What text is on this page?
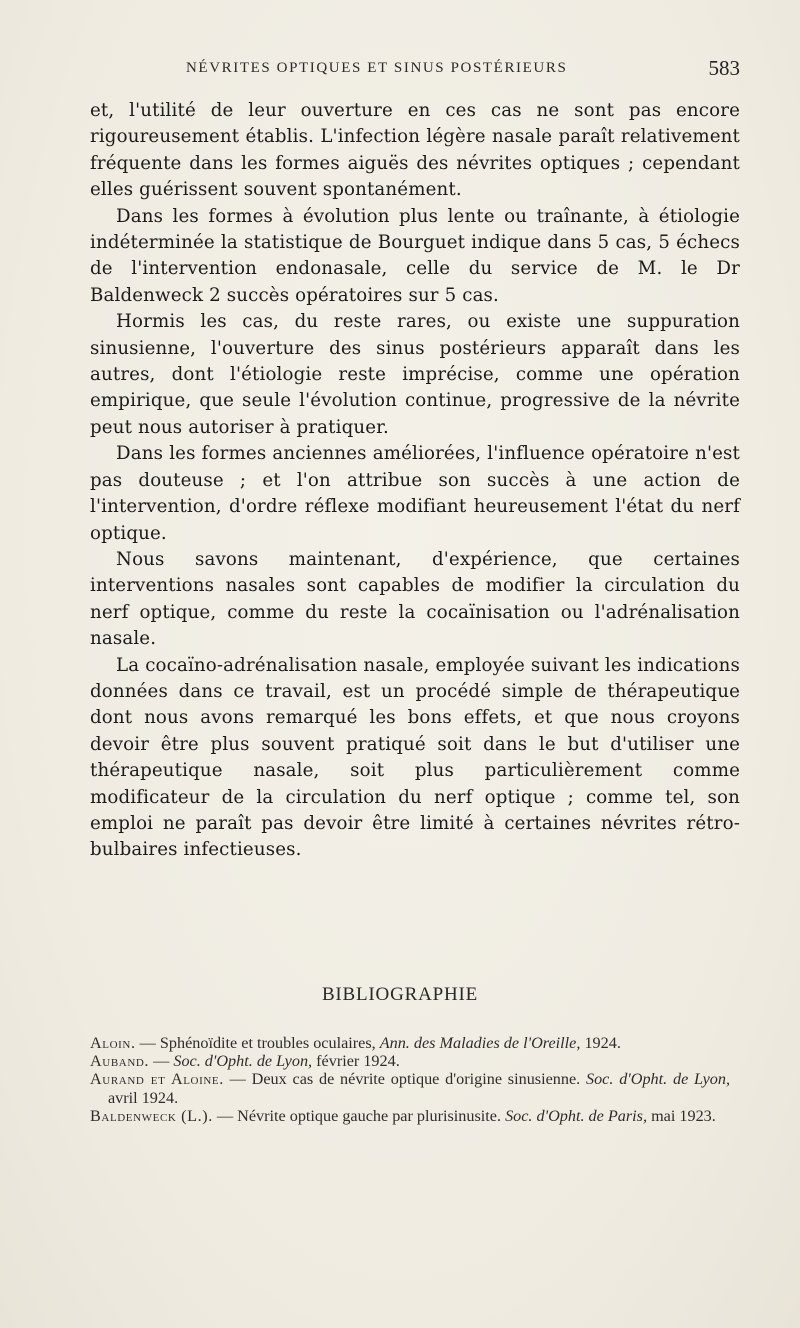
NÉVRITES OPTIQUES ET SINUS POSTÉRIEURS	583

et, l'utilité de leur ouverture en ces cas ne sont pas encore rigoureusement établis. L'infection légère nasale paraît relativement fréquente dans les formes aiguës des névrites optiques ; cependant elles guérissent souvent spontanément.

Dans les formes à évolution plus lente ou traînante, à étiologie indéterminée la statistique de Bourguet indique dans 5 cas, 5 échecs de l'intervention endonasale, celle du service de M. le Dr Baldenweck 2 succès opératoires sur 5 cas.

Hormis les cas, du reste rares, ou existe une suppuration sinusienne, l'ouverture des sinus postérieurs apparaît dans les autres, dont l'étiologie reste imprécise, comme une opération empirique, que seule l'évolution continue, progressive de la névrite peut nous autoriser à pratiquer.

Dans les formes anciennes améliorées, l'influence opératoire n'est pas douteuse ; et l'on attribue son succès à une action de l'intervention, d'ordre réflexe modifiant heureusement l'état du nerf optique.

Nous savons maintenant, d'expérience, que certaines interventions nasales sont capables de modifier la circulation du nerf optique, comme du reste la cocaïnisation ou l'adrénalisation nasale.

La cocaïno-adrénalisation nasale, employée suivant les indications données dans ce travail, est un procédé simple de thérapeutique dont nous avons remarqué les bons effets, et que nous croyons devoir être plus souvent pratiqué soit dans le but d'utiliser une thérapeutique nasale, soit plus particulièrement comme modificateur de la circulation du nerf optique ; comme tel, son emploi ne paraît pas devoir être limité à certaines névrites rétro-bulbaires infectieuses.

BIBLIOGRAPHIE

Aloin. — Sphénoïdite et troubles oculaires, Ann. des Maladies de l'Oreille, 1924.

Auband. — Soc. d'Opht. de Lyon, février 1924.

Aurand et Aloine. — Deux cas de névrite optique d'origine sinusienne. Soc. d'Opht. de Lyon, avril 1924.

Baldenweck (L.). — Névrite optique gauche par plurisinusite. Soc. d'Opht. de Paris, mai 1923.
